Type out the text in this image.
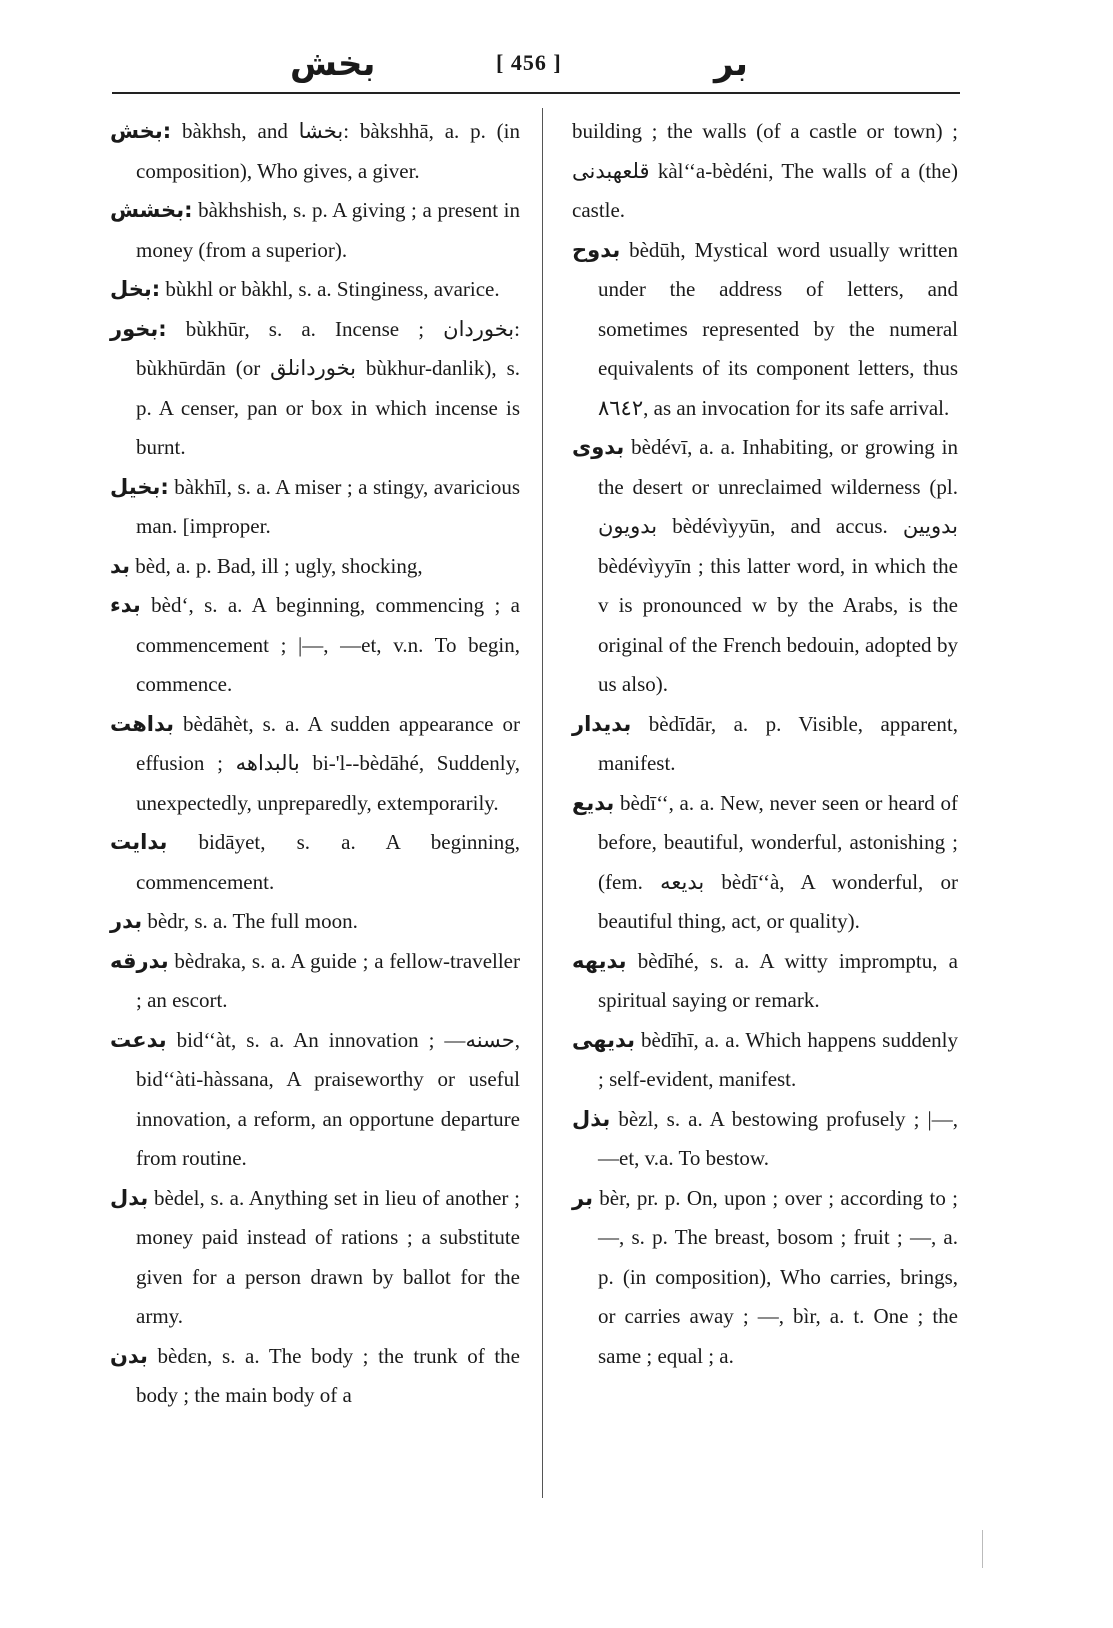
بخش	[ 456 ]	بر

بخش: bàkhsh, and بخشا: bàkshhā, a. p. (in composition), Who gives, a giver.

بخشش: bàkhshish, s. p. A giving ; a present in money (from a superior).

بخل: bùkhl or bàkhl, s. a. Stinginess, avarice.

بخور: bùkhūr, s. a. Incense ; بخوردان: bùkhūrdān (or بخوردانلق bùkhur-danlik), s. p. A censer, pan or box in which incense is burnt.

بخيل: bàkhīl, s. a. A miser ; a stingy, avaricious man. [improper.

بد bèd, a. p. Bad, ill ; ugly, shocking,

بدء bèd‘, s. a. A beginning, commencing ; a commencement ; ‌‌|—, —et, v.n. To begin, commence.

بداهت bèdāhèt, s. a. A sudden appearance or effusion ; بالبداهه bi-'l--bèdāhé, Suddenly, unexpectedly, unpreparedly, extemporarily.

بدايت bidāyet, s. a. A beginning, commencement.

بدر bèdr, s. a. The full moon.

بدرقه bèdraka, s. a. A guide ; a fellow-traveller ; an escort.

بدعت bid‘‘àt, s. a. An innovation ; —حسنه, bid‘‘àti-hàssana, A praiseworthy or useful innovation, a reform, an opportune departure from routine.

بدل bèdel, s. a. Anything set in lieu of another ; money paid instead of rations ; a substitute given for a person drawn by ballot for the army.

بدن bèdɛn, s. a. The body ; the trunk of the body ; the main body of a

building ; the walls (of a castle or town) ; قلعهبدنى kàl‘‘a-bèdéni, The walls of a (the) castle.

بدوح bèdūh, Mystical word usually written under the address of letters, and sometimes represented by the numeral equivalents of its component letters, thus ٨٦٤٢, as an invocation for its safe arrival.

بدوى bèdévī, a. a. Inhabiting, or growing in the desert or unreclaimed wilderness (pl. بدويون bèdévìyyūn, and accus. بدويين bèdévìyyīn ; this latter word, in which the v is pronounced w by the Arabs, is the original of the French bedouin, adopted by us also).

بديدار bèdīdār, a. p. Visible, apparent, manifest.

بديع bèdī‘‘, a. a. New, never seen or heard of before, beautiful, wonderful, astonishing ; (fem. بديعه bèdī‘‘à, A wonderful, or beautiful thing, act, or quality).

بديهه bèdīhé, s. a. A witty impromptu, a spiritual saying or remark.

بديهى bèdīhī, a. a. Which happens suddenly ; self-evident, manifest.

بذل bèzl, s. a. A bestowing profusely ; |—, —et, v.a. To bestow.

بر bèr, pr. p. On, upon ; over ; according to ; —, s. p. The breast, bosom ; fruit ; —, a. p. (in composition), Who carries, brings, or carries away ; —, bìr, a. t. One ; the same ; equal ; a.
